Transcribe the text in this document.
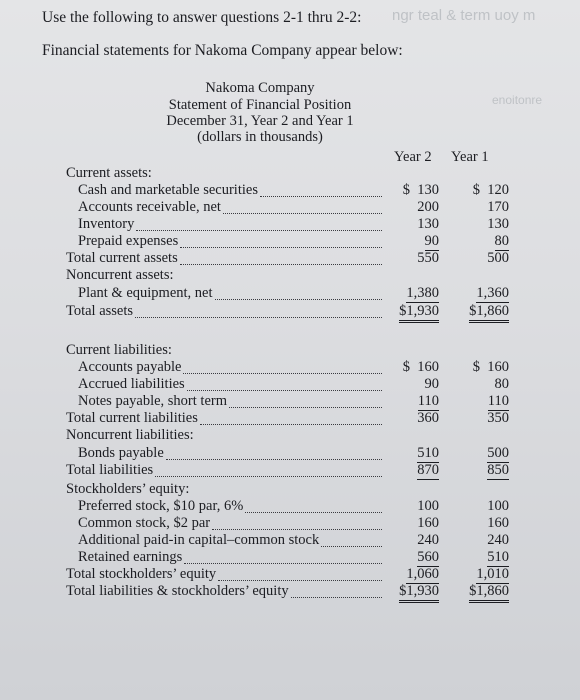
ngr teal & term uoy m
enoitonre
Use the following to answer questions 2-1 thru 2-2:
Financial statements for Nakoma Company appear below:
Nakoma Company
Statement of Financial Position
December 31, Year 2 and Year 1
(dollars in thousands)
Year 2 Year 1
Current assets:
Cash and marketable securities	$  130 $  120
Accounts receivable, net	200	170
Inventory	130	130
Prepaid expenses	90	80
Total current assets	550	500
Noncurrent assets:
Plant & equipment, net	1,380	1,360
Total assets	$1,930 $1,860
Current liabilities:
Accounts payable	$  160 $  160
Accrued liabilities	90	80
Notes payable, short term	110	110
Total current liabilities	360	350
Noncurrent liabilities:
Bonds payable	510	500
Total liabilities	870	850
Stockholders’ equity:
Preferred stock, $10 par, 6%	100	100
Common stock, $2 par	160	160
Additional paid-in capital–common stock	240	240
Retained earnings	560	510
Total stockholders’ equity	1,060	1,010
Total liabilities & stockholders’ equity	$1,930 $1,860
